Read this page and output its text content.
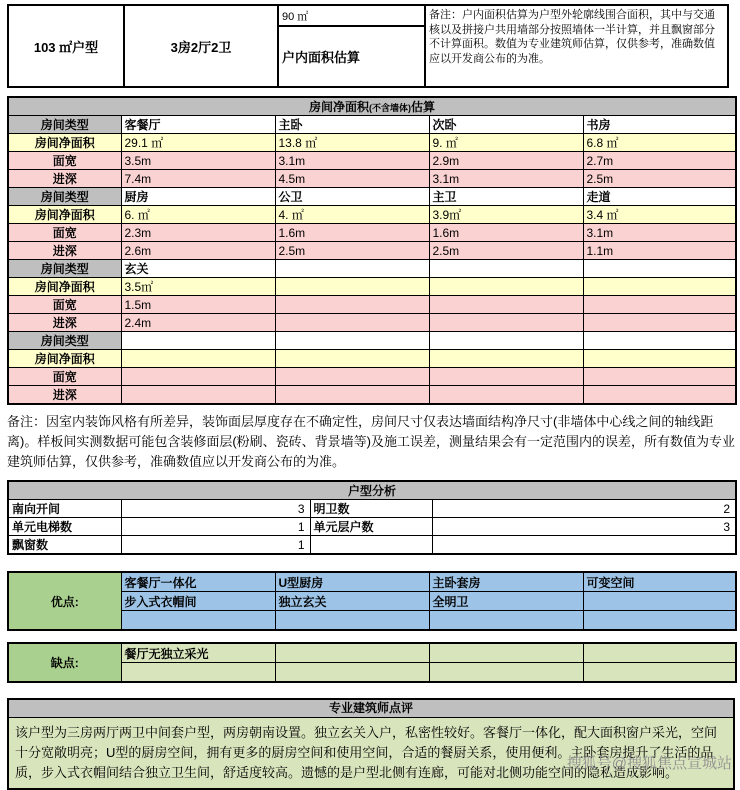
103 ㎡户型	3房2厅2卫
90 ㎡
户内面积估算
备注：户内面积估算为户型外轮廓线围合面积，其中与交通核以及拼接户共用墙部分按照墙体一半计算，并且飘窗部分不计算面积。数值为专业建筑师估算，仅供参考，准确数值应以开发商公布的为准。
房间净面积(不含墙体)估算				
房间类型	客餐厅	主卧	次卧	书房
房间净面积	29.1 ㎡	13.8 ㎡	9. ㎡	6.8 ㎡
面宽	3.5m	3.1m	2.9m	2.7m
进深	7.4m	4.5m	3.1m	2.5m
房间类型	厨房	公卫	主卫	走道
房间净面积	6. ㎡	4. ㎡	3.9㎡	3.4 ㎡
面宽	2.3m	1.6m	1.6m	3.1m
进深	2.6m	2.5m	2.5m	1.1m
房间类型	玄关			
房间净面积	3.5㎡			
面宽	1.5m			
进深	2.4m			
房间类型				
房间净面积				
面宽				
进深				
备注：因室内装饰风格有所差异，装饰面层厚度存在不确定性，房间尺寸仅表达墙面结构净尺寸(非墙体中心线之间的轴线距离)。样板间实测数据可能包含装修面层(粉刷、瓷砖、背景墙等)及施工误差，测量结果会有一定范围内的误差，所有数值为专业建筑师估算，仅供参考，准确数值应以开发商公布的为准。
户型分析			
南向开间	3	明卫数	2
单元电梯数	1	单元层户数	3
飘窗数	1		
优点:	客餐厅一体化	U型厨房	主卧套房	可变空间
	步入式衣帽间	独立玄关	全明卫	

缺点:	餐厅无独立采光			

专业建筑师点评
该户型为三房两厅两卫中间套户型，两房朝南设置。独立玄关入户，私密性较好。客餐厅一体化，配大面积窗户采光，空间十分宽敞明亮；U型的厨房空间，拥有更多的厨房空间和使用空间，合适的餐厨关系，使用便利。主卧套房提升了生活的品质，步入式衣帽间结合独立卫生间，舒适度较高。遗憾的是户型北侧有连廊，可能对北侧功能空间的隐私造成影响。
搜狐号@搜狐焦点宣城站
